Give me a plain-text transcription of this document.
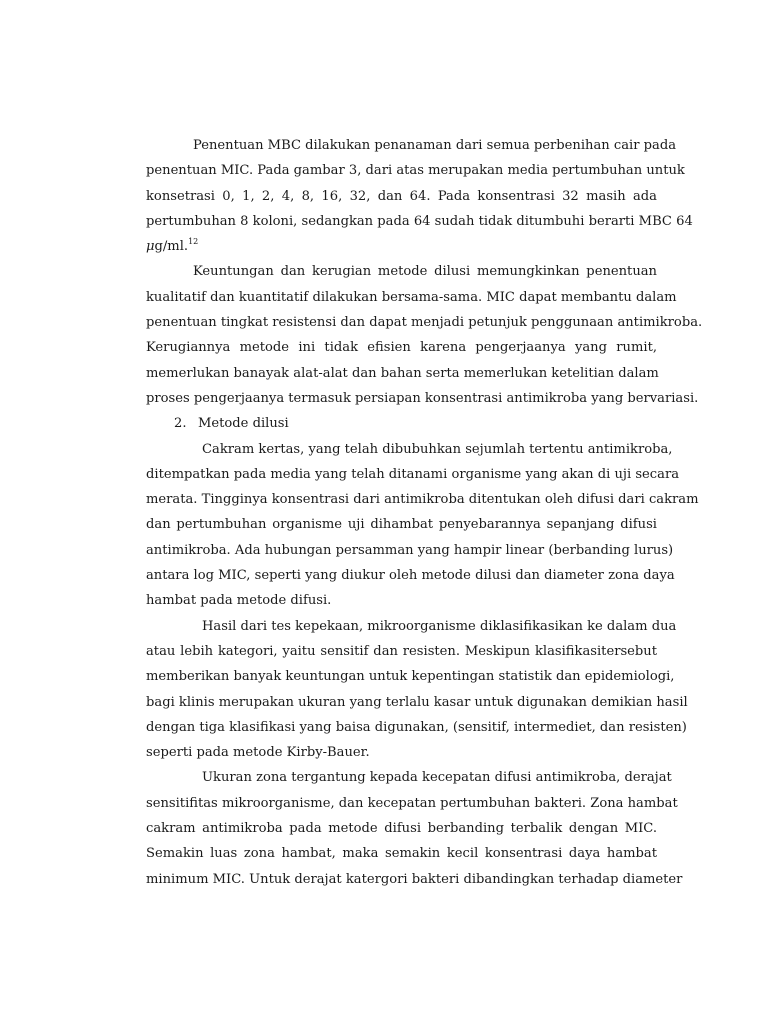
Penentuan MBC dilakukan penanaman dari semua perbenihan cair pada
penentuan MIC. Pada gambar 3, dari atas merupakan media pertumbuhan untuk
konsetrasi 0, 1, 2, 4, 8, 16, 32, dan 64. Pada konsentrasi 32 masih ada
pertumbuhan 8 koloni, sedangkan pada 64 sudah tidak ditumbuhi berarti MBC 64
μg/ml.$^{12}$
Keuntungan dan kerugian metode dilusi memungkinkan penentuan
kualitatif dan kuantitatif dilakukan bersama-sama. MIC dapat membantu dalam
penentuan tingkat resistensi dan dapat menjadi petunjuk penggunaan antimikroba.
Kerugiannya metode ini tidak efisien karena pengerjaanya yang rumit,
memerlukan banayak alat-alat dan bahan serta memerlukan ketelitian dalam
proses pengerjaanya termasuk persiapan konsentrasi antimikroba yang bervariasi.
2. Metode dilusi
Cakram kertas, yang telah dibubuhkan sejumlah tertentu antimikroba,
ditempatkan pada media yang telah ditanami organisme yang akan di uji secara
merata. Tingginya konsentrasi dari antimikroba ditentukan oleh difusi dari cakram
dan pertumbuhan organisme uji dihambat penyebarannya sepanjang difusi
antimikroba. Ada hubungan persamman yang hampir linear (berbanding lurus)
antara log MIC, seperti yang diukur oleh metode dilusi dan diameter zona daya
hambat pada metode difusi.
Hasil dari tes kepekaan, mikroorganisme diklasifikasikan ke dalam dua
atau lebih kategori, yaitu sensitif dan resisten. Meskipun klasifikasitersebut
memberikan banyak keuntungan untuk kepentingan statistik dan epidemiologi,
bagi klinis merupakan ukuran yang terlalu kasar untuk digunakan demikian hasil
dengan tiga klasifikasi yang baisa digunakan, (sensitif, intermediet, dan resisten)
seperti pada metode Kirby-Bauer.
Ukuran zona tergantung kepada kecepatan difusi antimikroba, derajat
sensitifitas mikroorganisme, dan kecepatan pertumbuhan bakteri. Zona hambat
cakram antimikroba pada metode difusi berbanding terbalik dengan MIC.
Semakin luas zona hambat, maka semakin kecil konsentrasi daya hambat
minimum MIC. Untuk derajat katergori bakteri dibandingkan terhadap diameter
